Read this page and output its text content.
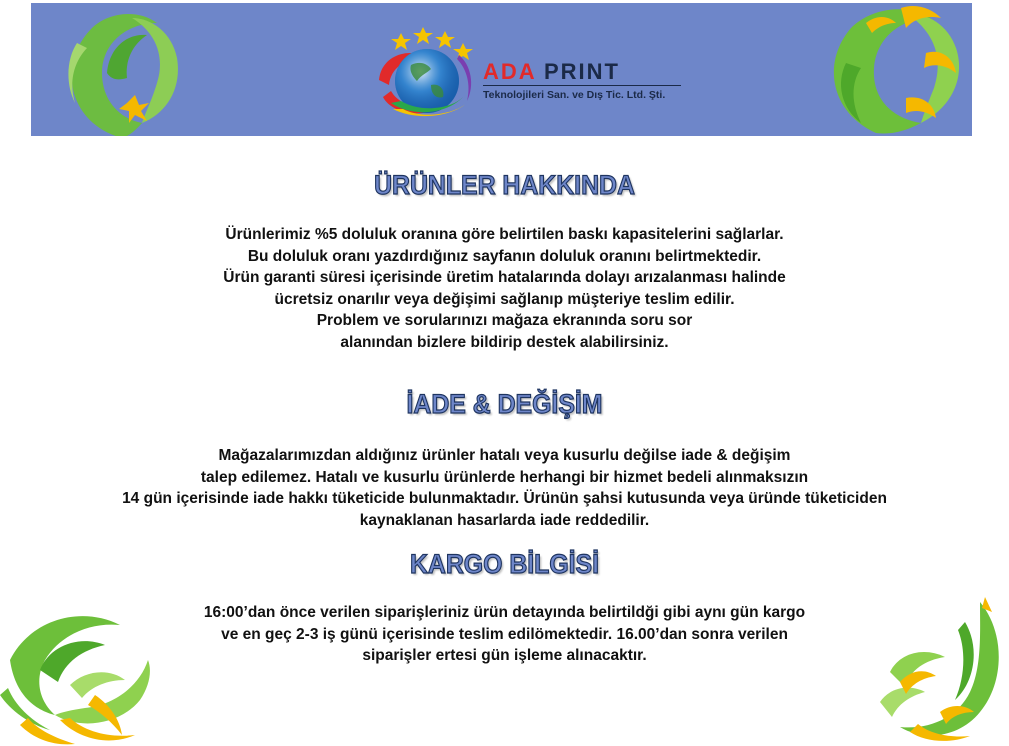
ADA PRINT
Teknolojileri San. ve Dış Tic. Ltd. Şti.
ÜRÜNLER HAKKINDA
Ürünlerimiz %5 doluluk oranına göre belirtilen baskı kapasitelerini sağlarlar.
Bu doluluk oranı yazdırdığınız sayfanın doluluk oranını belirtmektedir.
Ürün garanti süresi içerisinde üretim hatalarında dolayı arızalanması halinde
ücretsiz onarılır veya değişimi sağlanıp müşteriye teslim edilir.
Problem ve sorularınızı mağaza ekranında soru sor
alanından bizlere bildirip destek alabilirsiniz.
İADE & DEĞİŞİM
Mağazalarımızdan aldığınız ürünler hatalı veya kusurlu değilse iade & değişim
talep edilemez. Hatalı ve kusurlu ürünlerde herhangi bir hizmet bedeli alınmaksızın
14 gün içerisinde iade hakkı tüketicide bulunmaktadır. Ürünün şahsi kutusunda veya üründe tüketiciden
kaynaklanan hasarlarda iade reddedilir.
KARGO BİLGİSİ
16:00’dan önce verilen siparişleriniz ürün detayında belirtildği gibi aynı gün kargo
ve en geç 2-3 iş günü içerisinde teslim edilömektedir. 16.00’dan sonra verilen
siparişler ertesi gün işleme alınacaktır.
